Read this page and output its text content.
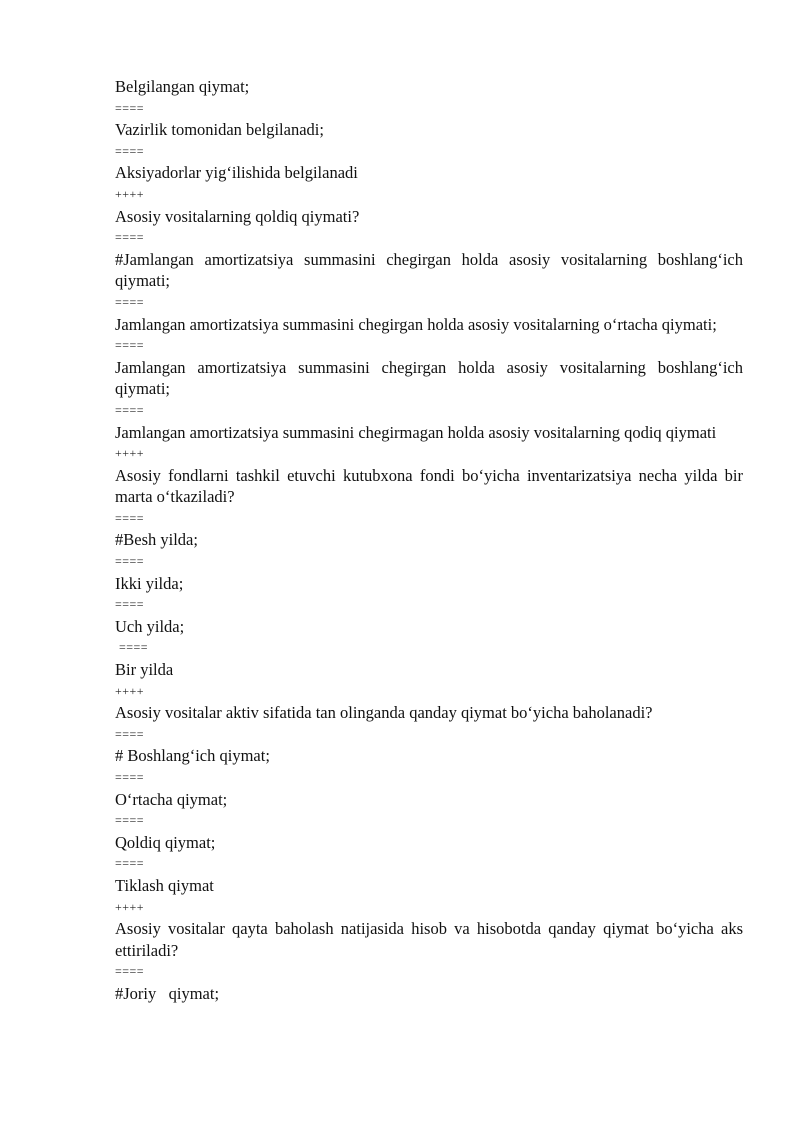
Belgilangan qiymat;

====

Vazirlik tomonidan belgilanadi;

====

Aksiyadorlar yig‘ilishida belgilanadi

++++

Asosiy vositalarning qoldiq qiymati?

====

#Jamlangan amortizatsiya summasini chegirgan holda asosiy vositalarning boshlang‘ich qiymati;

====

Jamlangan amortizatsiya summasini chegirgan holda asosiy vositalarning o‘rtacha qiymati;

====

Jamlangan amortizatsiya summasini chegirgan holda asosiy vositalarning boshlang‘ich qiymati;

====

Jamlangan amortizatsiya summasini chegirmagan holda asosiy vositalarning qodiq qiymati

++++

Asosiy fondlarni tashkil etuvchi kutubxona fondi bo‘yicha inventarizatsiya necha yilda bir marta o‘tkaziladi?

====

#Besh yilda;

====

Ikki yilda;

====

Uch yilda;

====

Bir yilda

++++

Asosiy vositalar aktiv sifatida tan olinganda qanday qiymat bo‘yicha baholanadi?

====

# Boshlang‘ich qiymat;

====

O‘rtacha qiymat;

====

Qoldiq qiymat;

====

Tiklash qiymat

++++

Asosiy vositalar qayta baholash natijasida hisob va hisobotda qanday qiymat bo‘yicha aks ettiriladi?

====

#Joriy   qiymat;
